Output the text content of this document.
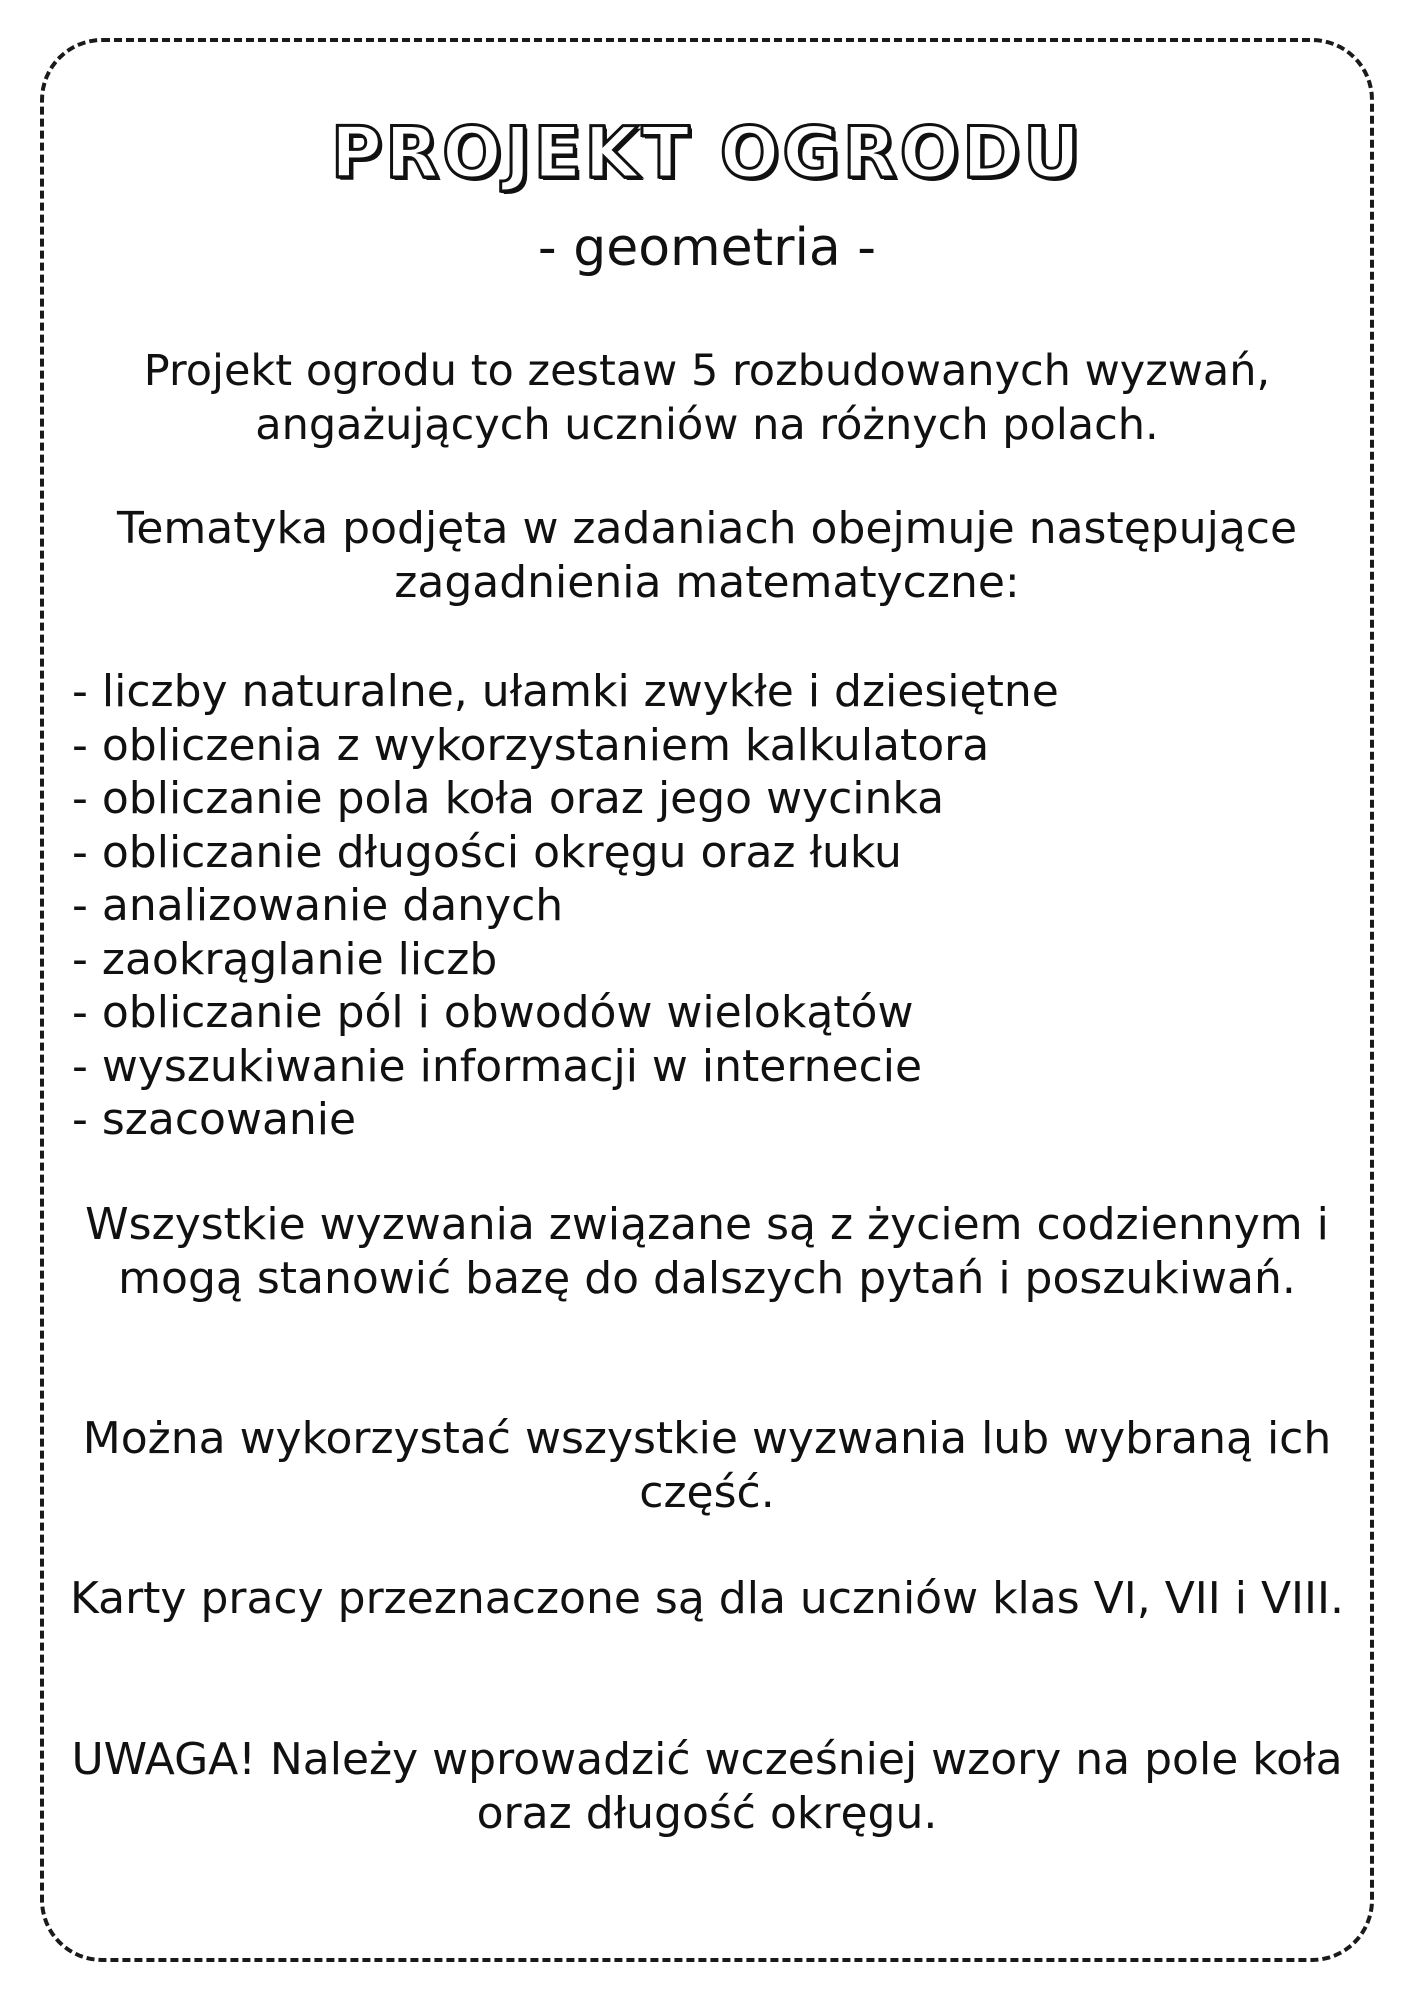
PROJEKT OGRODU
- geometria -

Projekt ogrodu to zestaw 5 rozbudowanych wyzwań, angażujących uczniów na różnych polach.

Tematyka podjęta w zadaniach obejmuje następujące zagadnienia matematyczne:

- liczby naturalne, ułamki zwykłe i dziesiętne
- obliczenia z wykorzystaniem kalkulatora
- obliczanie pola koła oraz jego wycinka
- obliczanie długości okręgu oraz łuku
- analizowanie danych
- zaokrąglanie liczb
- obliczanie pól i obwodów wielokątów
- wyszukiwanie informacji w internecie
- szacowanie

Wszystkie wyzwania związane są z życiem codziennym i mogą stanowić bazę do dalszych pytań i poszukiwań.

Można wykorzystać wszystkie wyzwania lub wybraną ich część.

Karty pracy przeznaczone są dla uczniów klas VI, VII i VIII.

UWAGA! Należy wprowadzić wcześniej wzory na pole koła oraz długość okręgu.
